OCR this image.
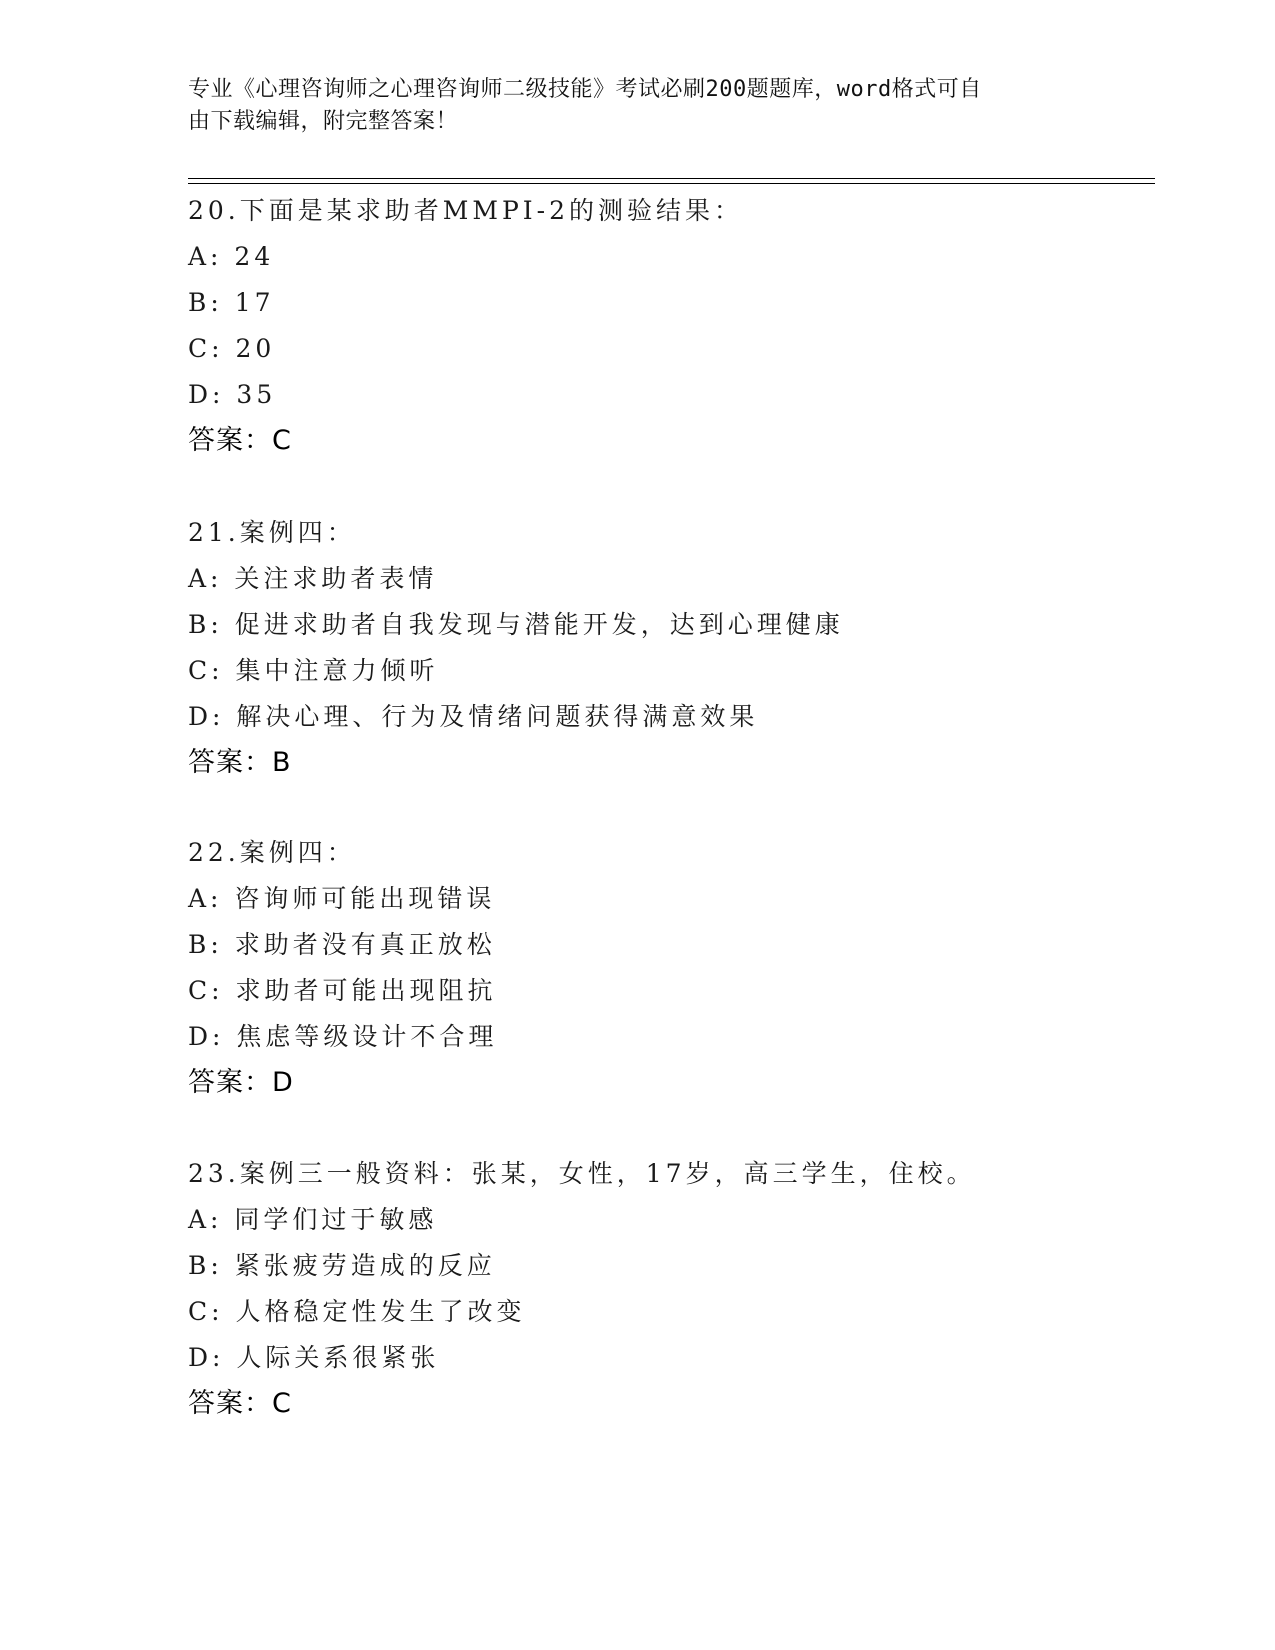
专业《心理咨询师之心理咨询师二级技能》考试必刷200题题库，word格式可自
由下载编辑，附完整答案！
20.下面是某求助者MMPI-2的测验结果：
A: 24
B: 17
C: 20
D: 35
答案：C
21.案例四：
A: 关注求助者表情
B: 促进求助者自我发现与潜能开发，达到心理健康
C: 集中注意力倾听
D: 解决心理、行为及情绪问题获得满意效果
答案：B
22.案例四：
A: 咨询师可能出现错误
B: 求助者没有真正放松
C: 求助者可能出现阻抗
D: 焦虑等级设计不合理
答案：D
23.案例三一般资料：张某，女性，17岁，高三学生，住校。
A: 同学们过于敏感
B: 紧张疲劳造成的反应
C: 人格稳定性发生了改变
D: 人际关系很紧张
答案：C
